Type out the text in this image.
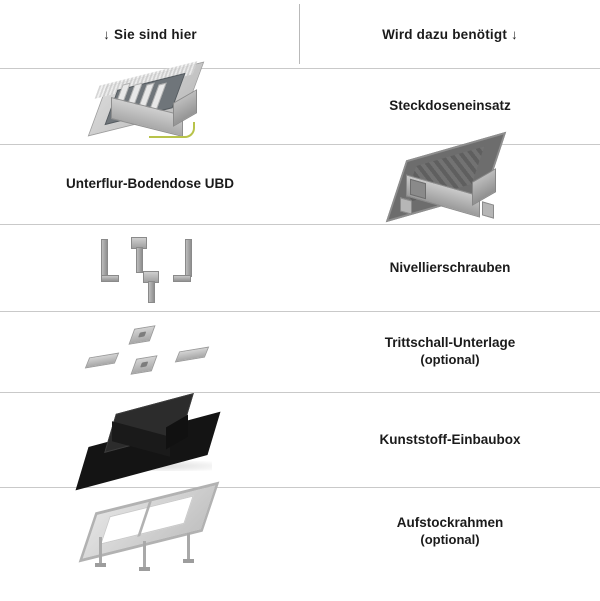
↓ Sie sind hier	Wird dazu benötigt ↓
Steckdoseneinsatz
Unterflur-Bodendose UBD
Nivellierschrauben
Trittschall-Unterlage
(optional)
Kunststoff-Einbaubox
Aufstockrahmen
(optional)
